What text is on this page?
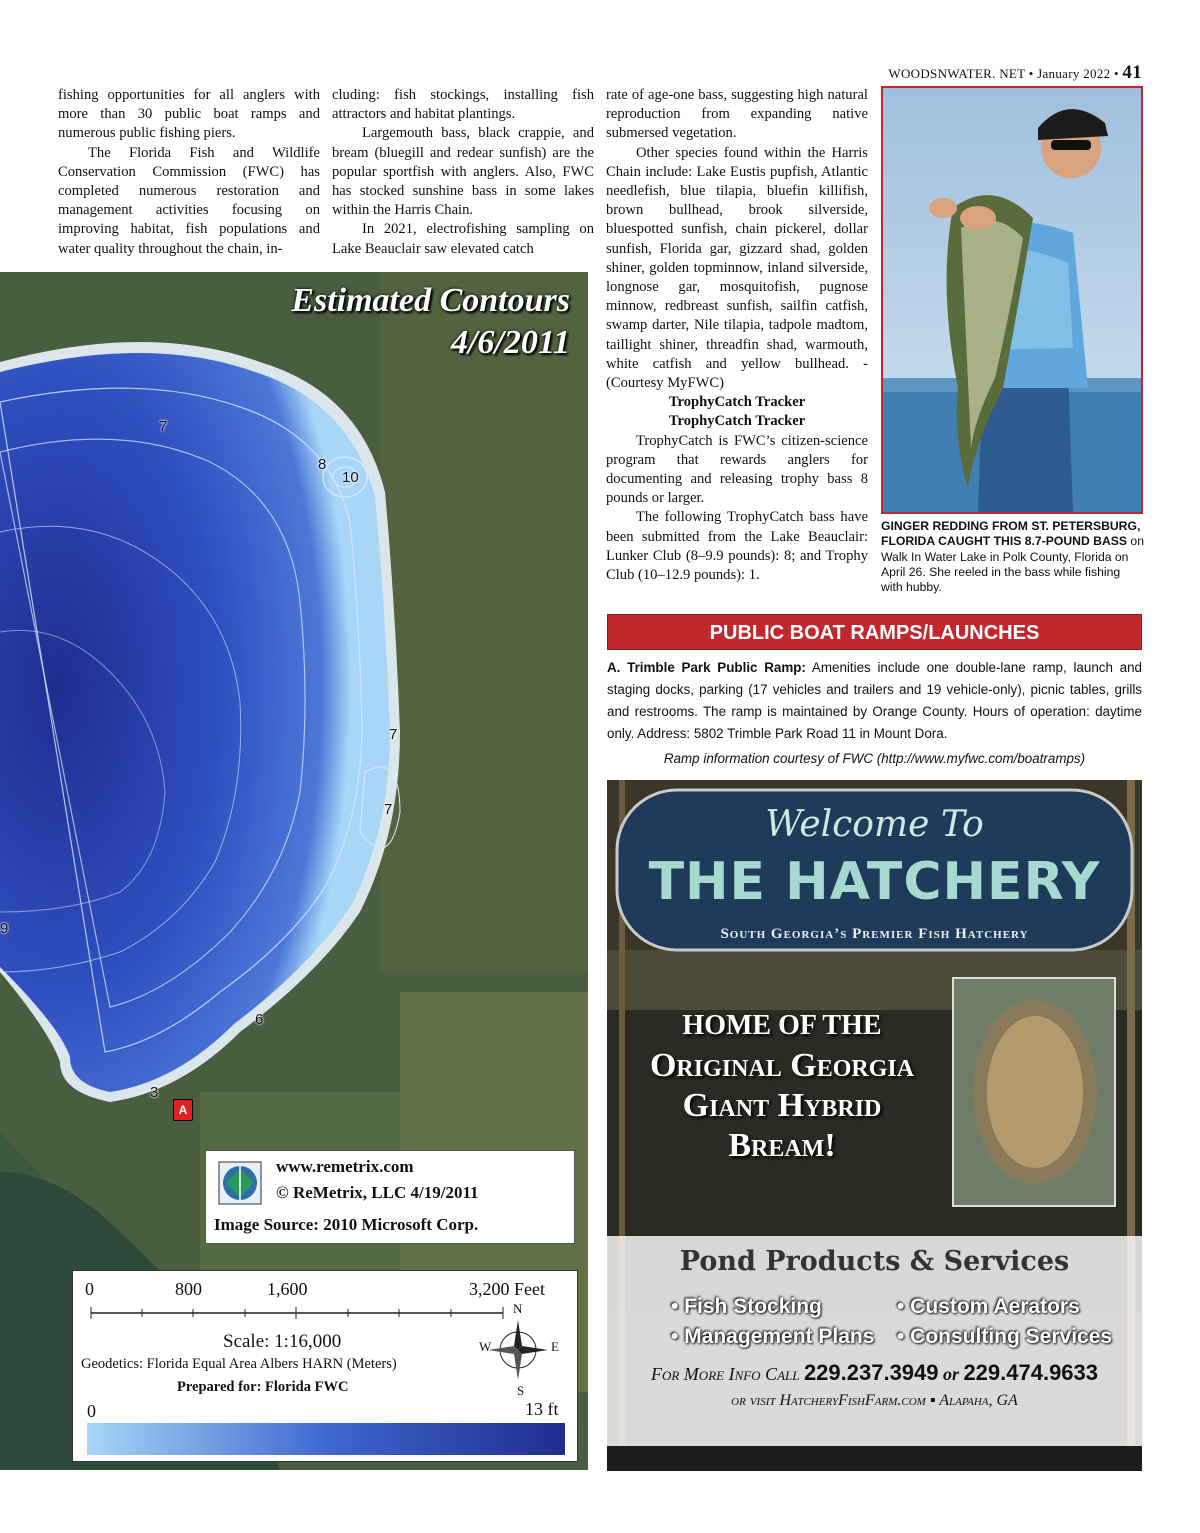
WOODSNWATER. NET • January 2022 • 41

fishing opportunities for all anglers with more than 30 public boat ramps and numerous public fishing piers.

The Florida Fish and Wildlife Conservation Commission (FWC) has completed numerous restoration and management activities focusing on improving habitat, fish populations and water quality throughout the chain, in-

cluding: fish stockings, installing fish attractors and habitat plantings.

Largemouth bass, black crappie, and bream (bluegill and redear sunfish) are the popular sportfish with anglers. Also, FWC has stocked sunshine bass in some lakes within the Harris Chain.

In 2021, electrofishing sampling on Lake Beauclair saw elevated catch

rate of age-one bass, suggesting high natural reproduction from expanding native submersed vegetation.

Other species found within the Harris Chain include: Lake Eustis pupfish, Atlantic needlefish, blue tilapia, bluefin killifish, brown bullhead, brook silverside, bluespotted sunfish, chain pickerel, dollar sunfish, Florida gar, gizzard shad, golden shiner, golden topminnow, inland silverside, longnose gar, mosquitofish, pugnose minnow, redbreast sunfish, sailfin catfish, swamp darter, Nile tilapia, tadpole madtom, taillight shiner, threadfin shad, warmouth, white catfish and yellow bullhead. - (Courtesy MyFWC)

TrophyCatch Tracker

TrophyCatch Tracker

TrophyCatch is FWC’s citizen-science program that rewards anglers for documenting and releasing trophy bass 8 pounds or larger.

The following TrophyCatch bass have been submitted from the Lake Beauclair: Lunker Club (8–9.9 pounds): 8; and Trophy Club (10–12.9 pounds): 1.

GINGER REDDING FROM ST. PETERSBURG, FLORIDA CAUGHT THIS 8.7-POUND BASS on Walk In Water Lake in Polk County, Florida on April 26. She reeled in the bass while fishing with hubby.
PUBLIC BOAT RAMPS/LAUNCHES
A. Trimble Park Public Ramp: Amenities include one double-lane ramp, launch and staging docks, parking (17 vehicles and trailers and 19 vehicle-only), picnic tables, grills and restrooms. The ramp is maintained by Orange County. Hours of operation: daytime only. Address: 5802 Trimble Park Road 11 in Mount Dora.
Ramp information courtesy of FWC (http://www.myfwc.com/boatramps)
Estimated Contours
4/6/2011
7
8
10
7
7
9
6
3
A
www.remetrix.com
© ReMetrix, LLC 4/19/2011
Image Source: 2010 Microsoft Corp.
0	800	1,600	3,200 Feet
Scale: 1:16,000
Geodetics: Florida Equal Area Albers HARN (Meters)
Prepared for: Florida FWC
0	13 ft
N
E
S
W
Welcome To
THE HATCHERY
South Georgia’s Premier Fish Hatchery
HOME OF THE
Original Georgia
Giant Hybrid
Bream!
Pond Products & Services
• Fish Stocking
• Management Plans
• Custom Aerators
• Consulting Services
For More Info Call 229.237.3949 or 229.474.9633
or visit HatcheryFishFarm.com ▪ Alapaha, GA
*GEORGIA GIANT IS A REGISTERED TRADEMARK. FORMERLY KEN'S FISH HATCHERY
